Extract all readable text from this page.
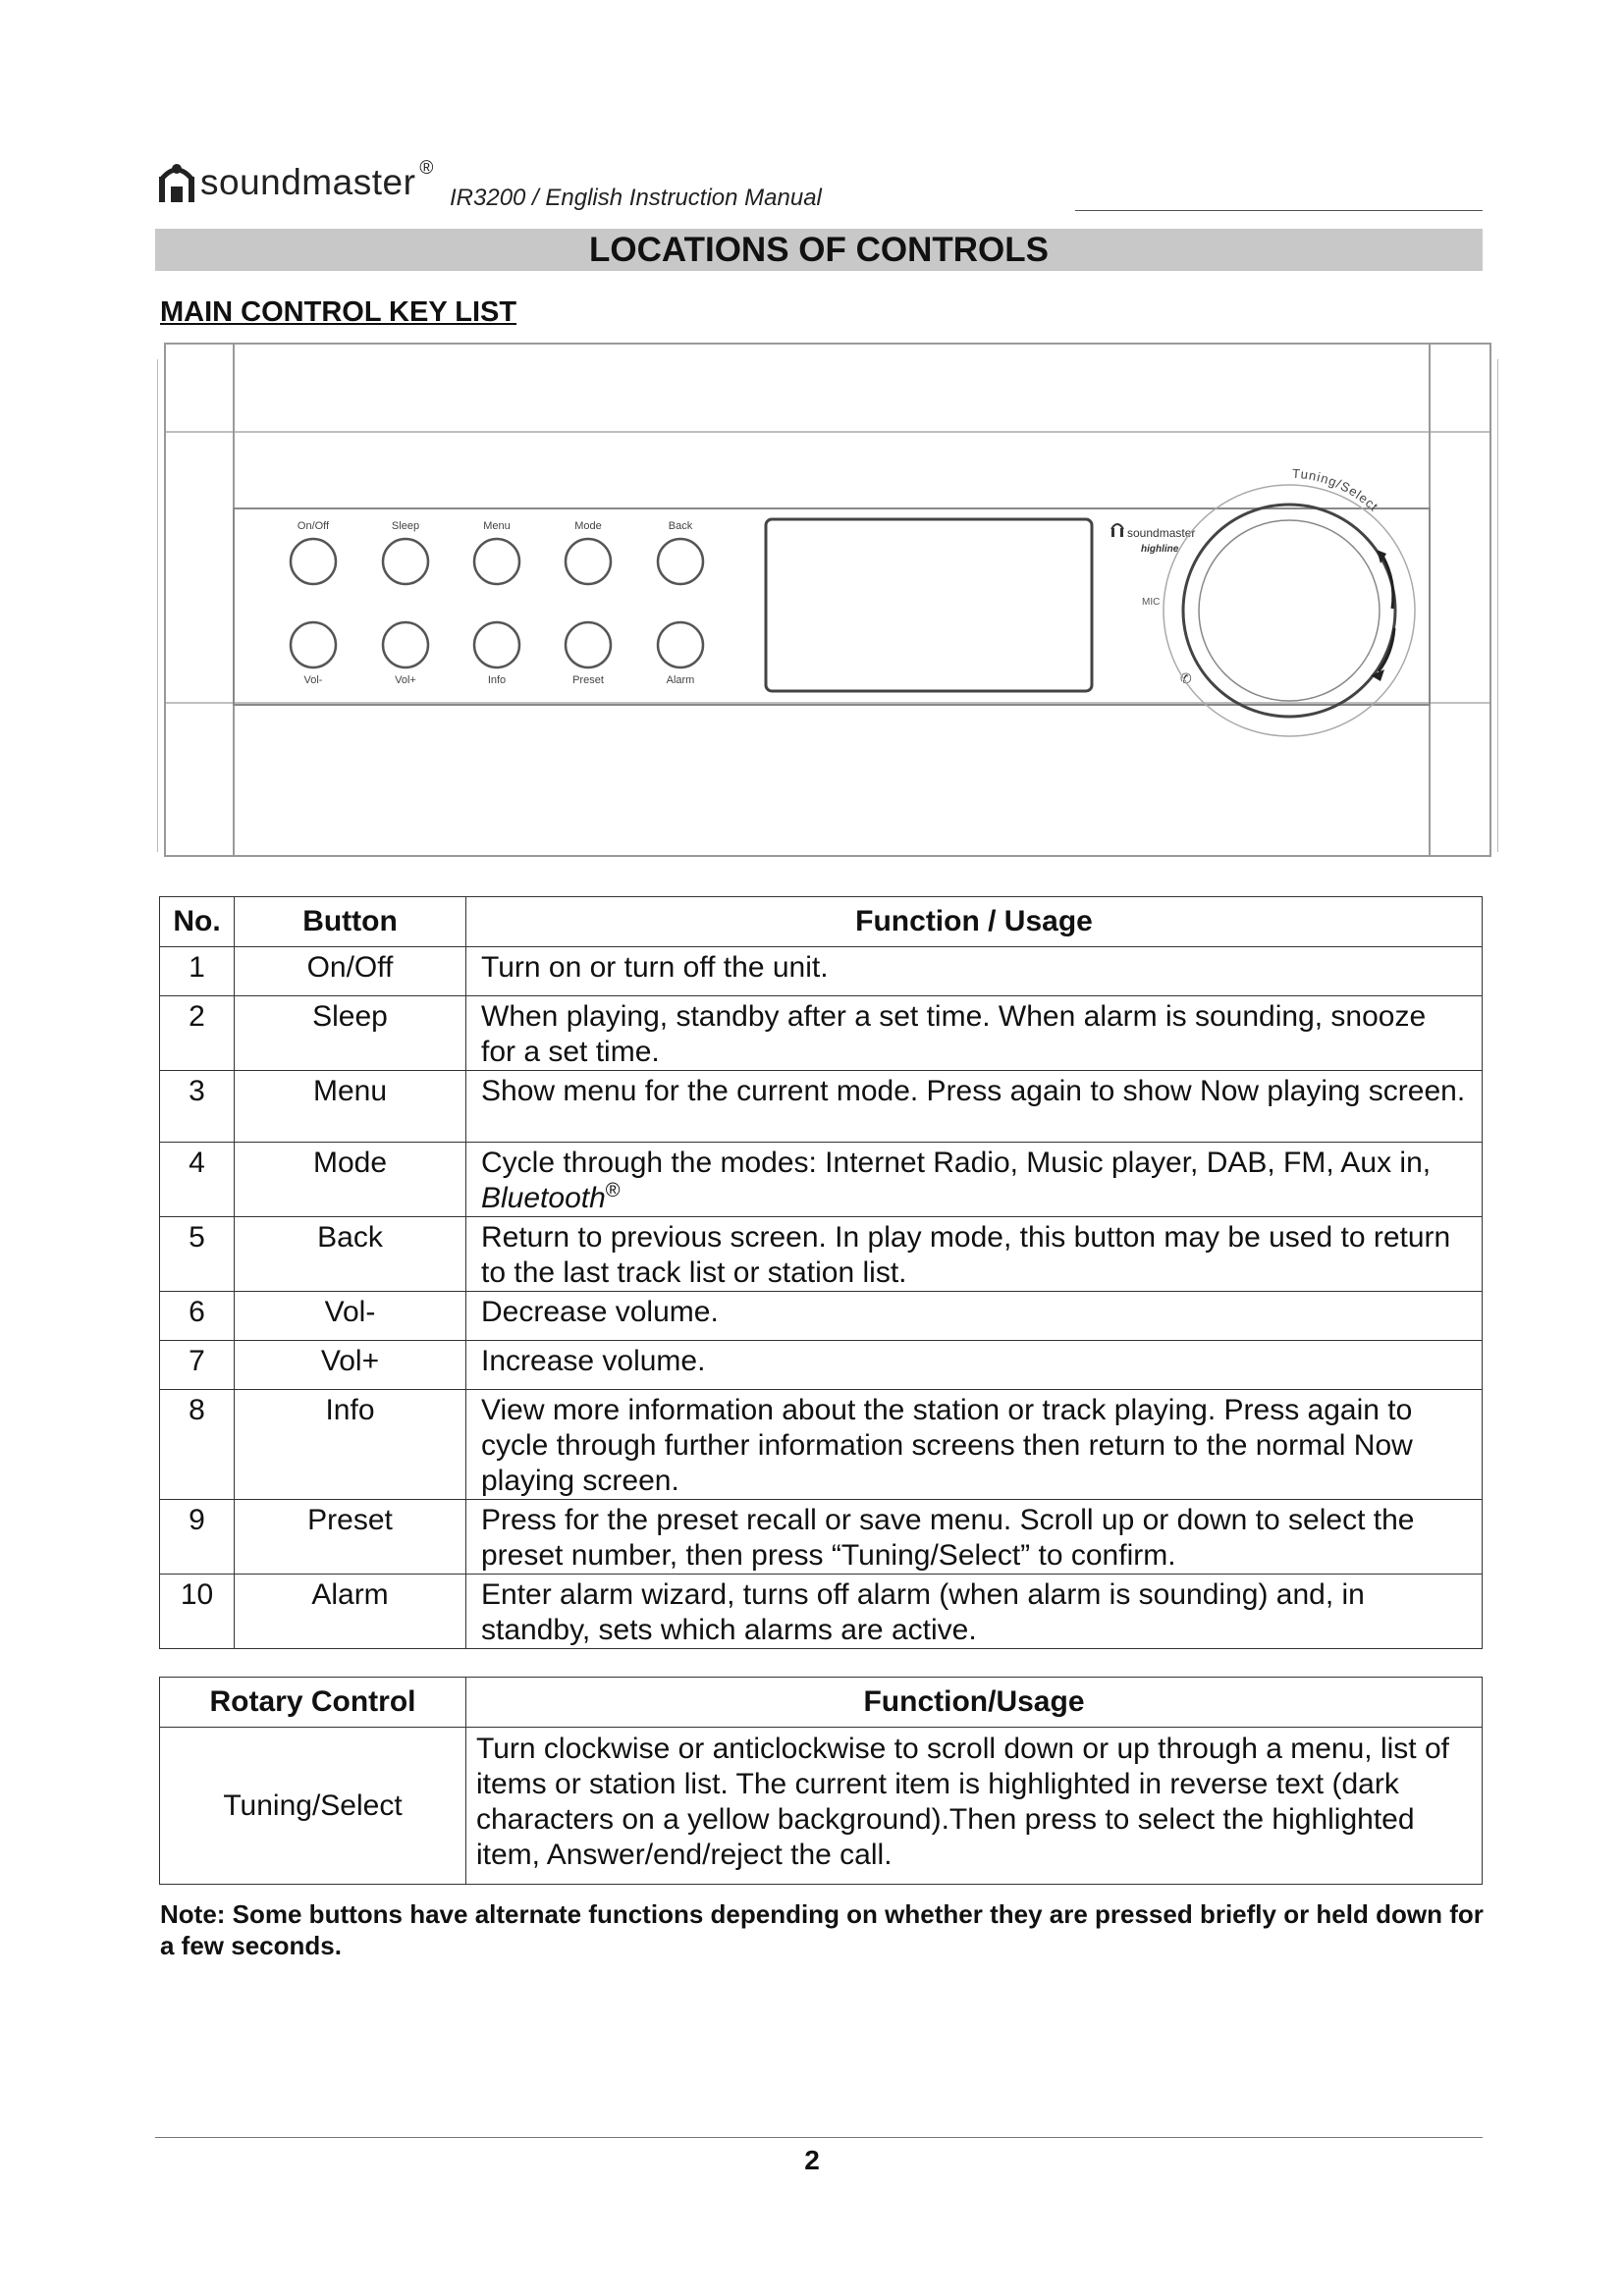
soundmaster ®
IR3200 / English Instruction Manual
LOCATIONS OF CONTROLS
MAIN CONTROL KEY LIST
On/Off	Sleep	Menu	Mode	Back
Vol-	Vol+	Info	Preset	Alarm
soundmaster
highline
MIC
✆
Tuning/Select
No.	Button	Function / Usage
1	On/Off	Turn on or turn off the unit.
2	Sleep	When playing, standby after a set time. When alarm is sounding, snooze for a set time.
3	Menu	Show menu for the current mode. Press again to show Now playing screen.
4	Mode	Cycle through the modes: Internet Radio, Music player, DAB, FM, Aux in, Bluetooth®
5	Back	Return to previous screen. In play mode, this button may be used to return to the last track list or station list.
6	Vol-	Decrease volume.
7	Vol+	Increase volume.
8	Info	View more information about the station or track playing. Press again to cycle through further information screens then return to the normal Now playing screen.
9	Preset	Press for the preset recall or save menu. Scroll up or down to select the preset number, then press “Tuning/Select” to confirm.
10	Alarm	Enter alarm wizard, turns off alarm (when alarm is sounding) and, in standby, sets which alarms are active.
Rotary Control	Function/Usage
Tuning/Select	Turn clockwise or anticlockwise to scroll down or up through a menu, list of items or station list. The current item is highlighted in reverse text (dark characters on a yellow background).Then press to select the highlighted item, Answer/end/reject the call.
Note: Some buttons have alternate functions depending on whether they are pressed briefly or held down for a few seconds.
2
